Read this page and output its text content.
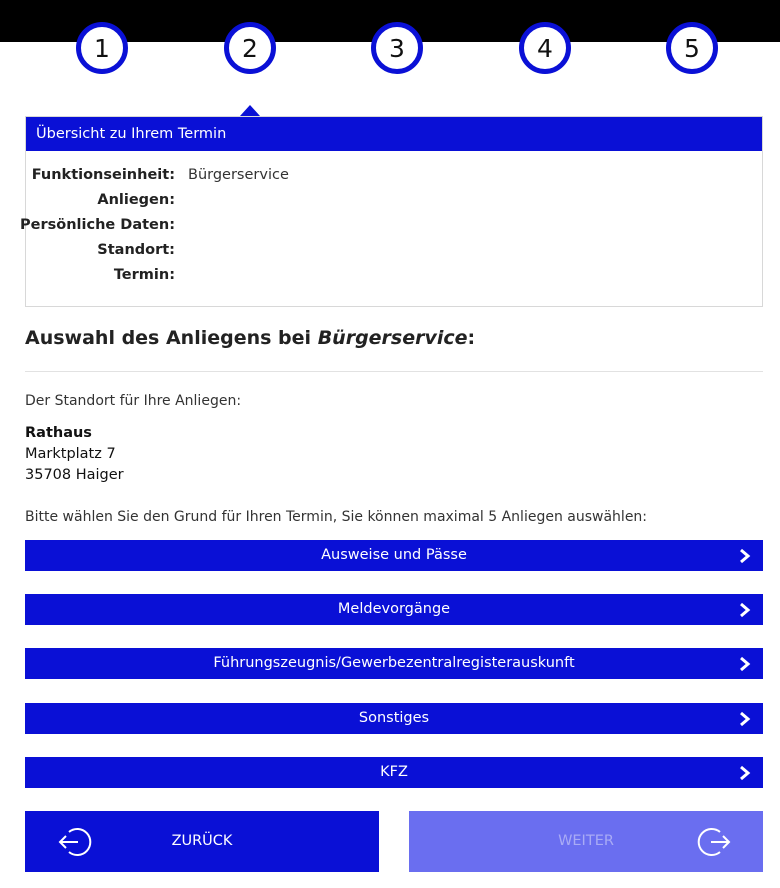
1	2	3	4	5
Übersicht zu Ihrem Termin
Funktionseinheit: Bürgerservice
Anliegen:
Persönliche Daten:
Standort:
Termin:
Auswahl des Anliegens bei Bürgerservice:
Der Standort für Ihre Anliegen:
Rathaus
Marktplatz 7
35708 Haiger
Bitte wählen Sie den Grund für Ihren Termin, Sie können maximal 5 Anliegen auswählen:
Ausweise und Pässe
Meldevorgänge
Führungszeugnis/Gewerbezentralregisterauskunft
Sonstiges
KFZ
ZURÜCK	WEITER
